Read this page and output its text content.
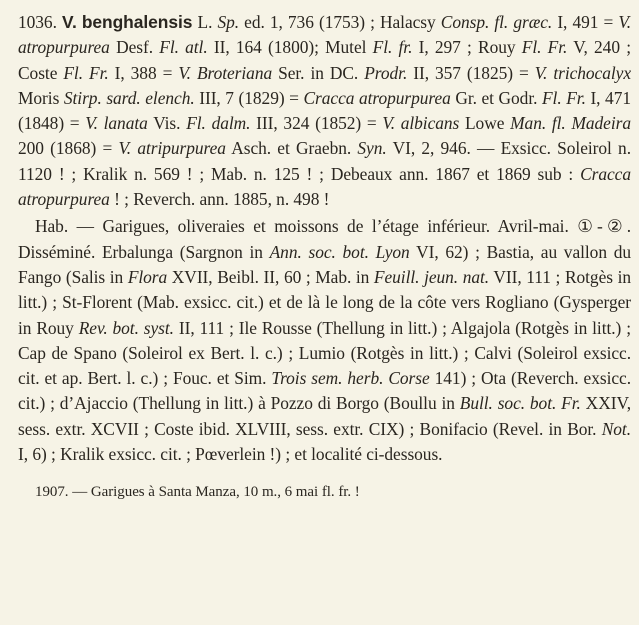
1036. V. benghalensis L. Sp. ed. 1, 736 (1753) ; Halacsy Consp. fl. græc. I, 491 = V. atropurpurea Desf. Fl. atl. II, 164 (1800); Mutel Fl. fr. I, 297 ; Rouy Fl. Fr. V, 240 ; Coste Fl. Fr. I, 388 = V. Broteriana Ser. in DC. Prodr. II, 357 (1825) = V. trichocalyx Moris Stirp. sard. elench. III, 7 (1829) = Cracca atropurpurea Gr. et Godr. Fl. Fr. I, 471 (1848) = V. lanata Vis. Fl. dalm. III, 324 (1852) = V. albicans Lowe Man. fl. Madeira 200 (1868) = V. atripurpurea Asch. et Graebn. Syn. VI, 2, 946. — Exsicc. Soleirol n. 1120 ! ; Kralik n. 569 ! ; Mab. n. 125 ! ; Debeaux ann. 1867 et 1869 sub : Cracca atropurpurea ! ; Reverch. ann. 1885, n. 498 !

Hab. — Garigues, oliveraies et moissons de l’étage inférieur. Avril-mai. ①-②. Disséminé. Erbalunga (Sargnon in Ann. soc. bot. Lyon VI, 62) ; Bastia, au vallon du Fango (Salis in Flora XVII, Beibl. II, 60 ; Mab. in Feuill. jeun. nat. VII, 111 ; Rotgès in litt.) ; St-Florent (Mab. exsicc. cit.) et de là le long de la côte vers Rogliano (Gysperger in Rouy Rev. bot. syst. II, 111 ; Ile Rousse (Thellung in litt.) ; Algajola (Rotgès in litt.) ; Cap de Spano (Soleirol ex Bert. l. c.) ; Lumio (Rotgès in litt.) ; Calvi (Soleirol exsicc. cit. et ap. Bert. l. c.) ; Fouc. et Sim. Trois sem. herb. Corse 141) ; Ota (Reverch. exsicc. cit.) ; d’Ajaccio (Thellung in litt.) à Pozzo di Borgo (Boullu in Bull. soc. bot. Fr. XXIV, sess. extr. XCVII ; Coste ibid. XLVIII, sess. extr. CIX) ; Bonifacio (Revel. in Bor. Not. I, 6) ; Kralik exsicc. cit. ; Pœverlein !) ; et localité ci-dessous.

1907. — Garigues à Santa Manza, 10 m., 6 mai fl. fr. !
